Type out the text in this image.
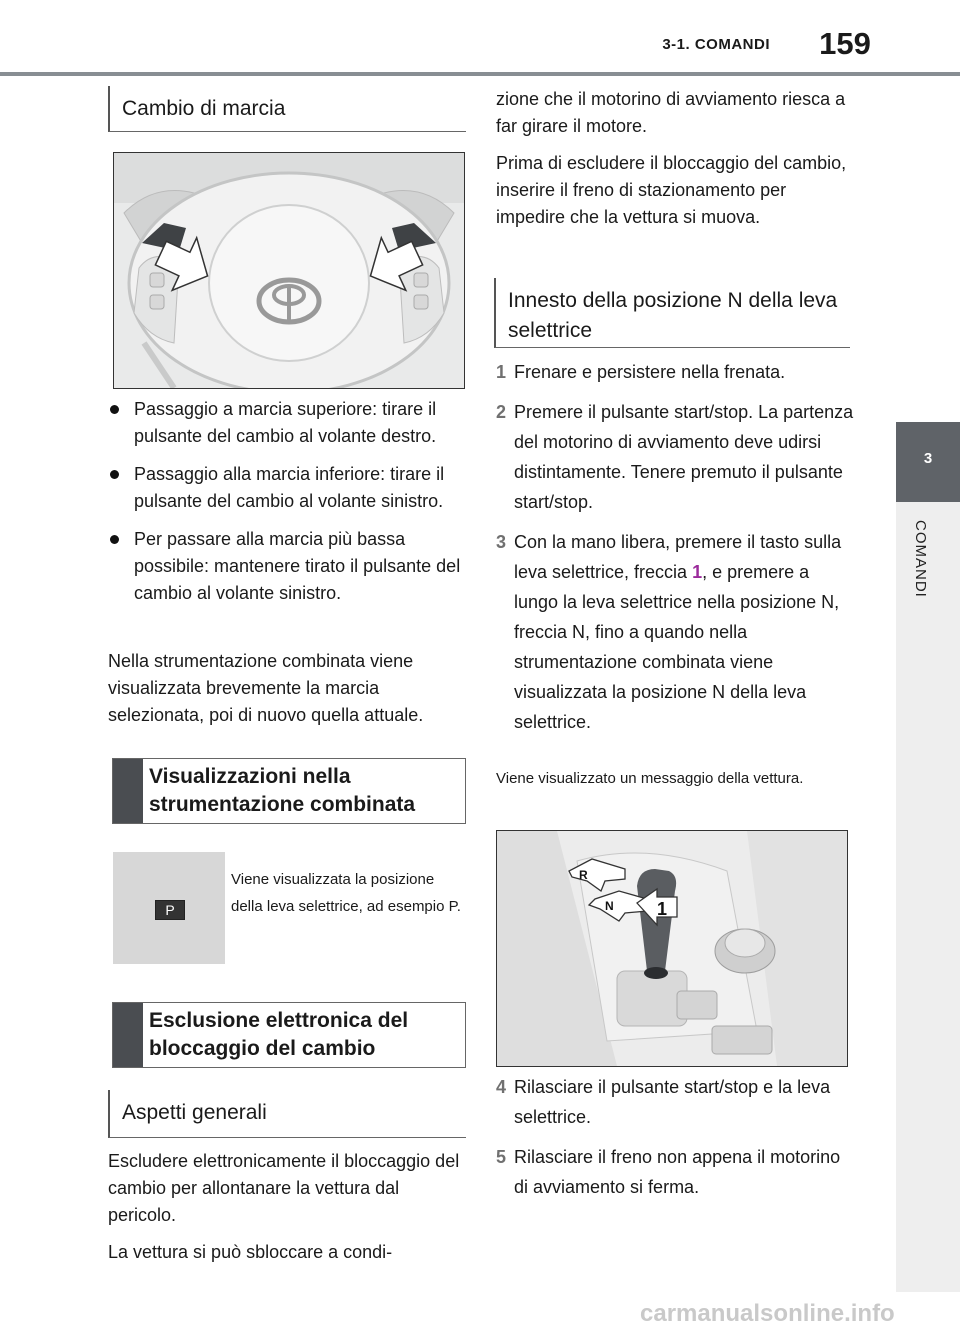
3-1. COMANDI	159
3
COMANDI
Cambio di marcia
Passaggio a marcia superiore: tirare il pulsante del cambio al volante destro.
Passaggio alla marcia inferiore: tirare il pulsante del cambio al volante sinistro.
Per passare alla marcia più bassa possibile: mantenere tirato il pulsante del cambio al volante sinistro.

Nella strumentazione combinata viene visualizzata brevemente la marcia selezionata, poi di nuovo quella attuale.

Visualizzazioni nella strumentazione combinata
P
Viene visualizzata la posizione della leva selettrice, ad esempio P.
Esclusione elettronica del bloccaggio del cambio
Aspetti generali

Escludere elettronicamente il bloccaggio del cambio per allontanare la vettura dal pericolo.

La vettura si può sbloccare a condi-

zione che il motorino di avviamento riesca a far girare il motore.

Prima di escludere il bloccaggio del cambio, inserire il freno di stazionamento per impedire che la vettura si muova.

Innesto della posizione N della leva selettrice
1 Frenare e persistere nella frenata.
2 Premere il pulsante start/stop. La partenza del motorino di avviamento deve udirsi distintamente. Tenere premuto il pulsante start/stop.
3 Con la mano libera, premere il tasto sulla leva selettrice, freccia 1, e premere a lungo la leva selettrice nella posizione N, freccia N, fino a quando nella strumentazione combinata viene visualizzata la posizione N della leva selettrice.
Viene visualizzato un messaggio della vettura.
R
N 1
4 Rilasciare il pulsante start/stop e la leva selettrice.
5 Rilasciare il freno non appena il motorino di avviamento si ferma.
carmanualsonline.info
